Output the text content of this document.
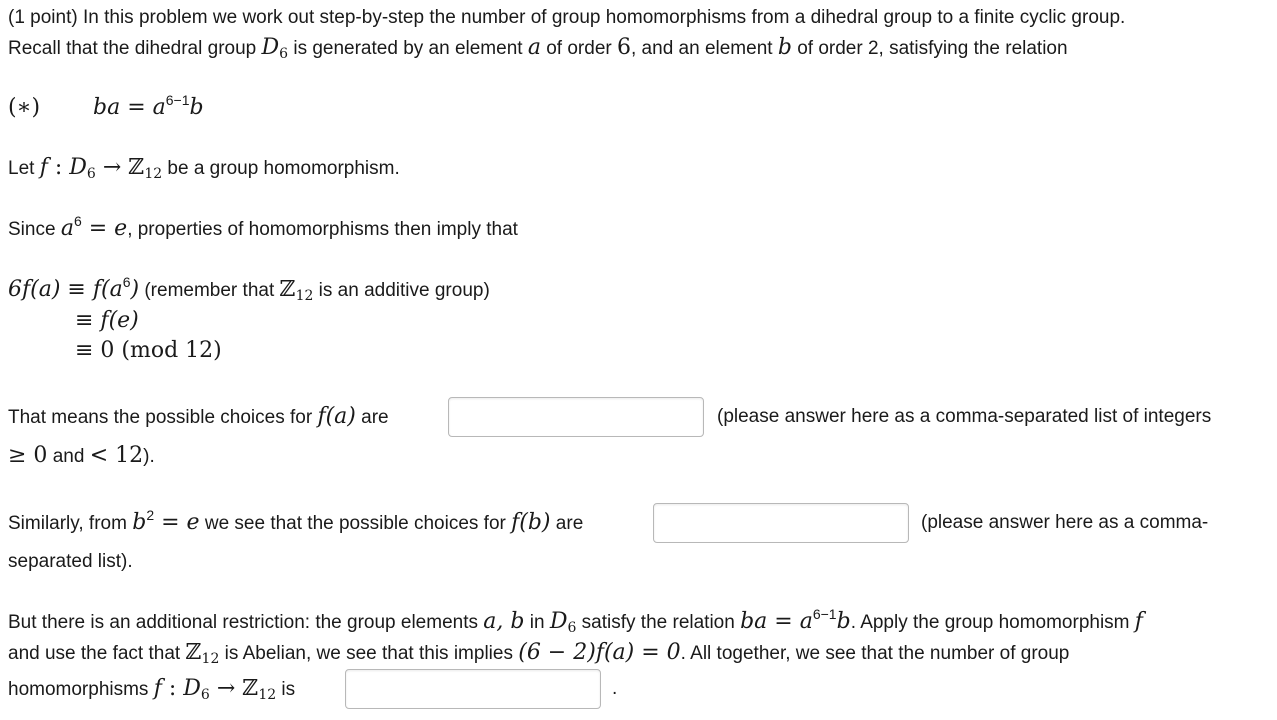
(1 point) In this problem we work out step-by-step the number of group homomorphisms from a dihedral group to a finite cyclic group.
Recall that the dihedral group $D_6$ is generated by an element a of order 6, and an element b of order 2, satisfying the relation
(∗) ba = $a^{6-1}b$
Let f : $D_6$ → ℤ$_{12}$ be a group homomorphism.
Since $a^6 = e$, properties of homomorphisms then imply that
$6f(a) \equiv f(a^6)$ (remember that ℤ$_{12}$ is an additive group)
≡ f(e)
≡ 0 (mod 12)
That means the possible choices for f(a) are	(please answer here as a comma-separated list of integers
≥ 0 and < 12).
Similarly, from $b^2 = e$ we see that the possible choices for f(b) are	(please answer here as a comma-
separated list).
But there is an additional restriction: the group elements a, b in $D_6$ satisfy the relation ba = $a^{6-1}b$. Apply the group homomorphism f
and use the fact that ℤ$_{12}$ is Abelian, we see that this implies (6 − 2)f(a) = 0. All together, we see that the number of group
homomorphisms f : $D_6$ → ℤ$_{12}$ is	.
